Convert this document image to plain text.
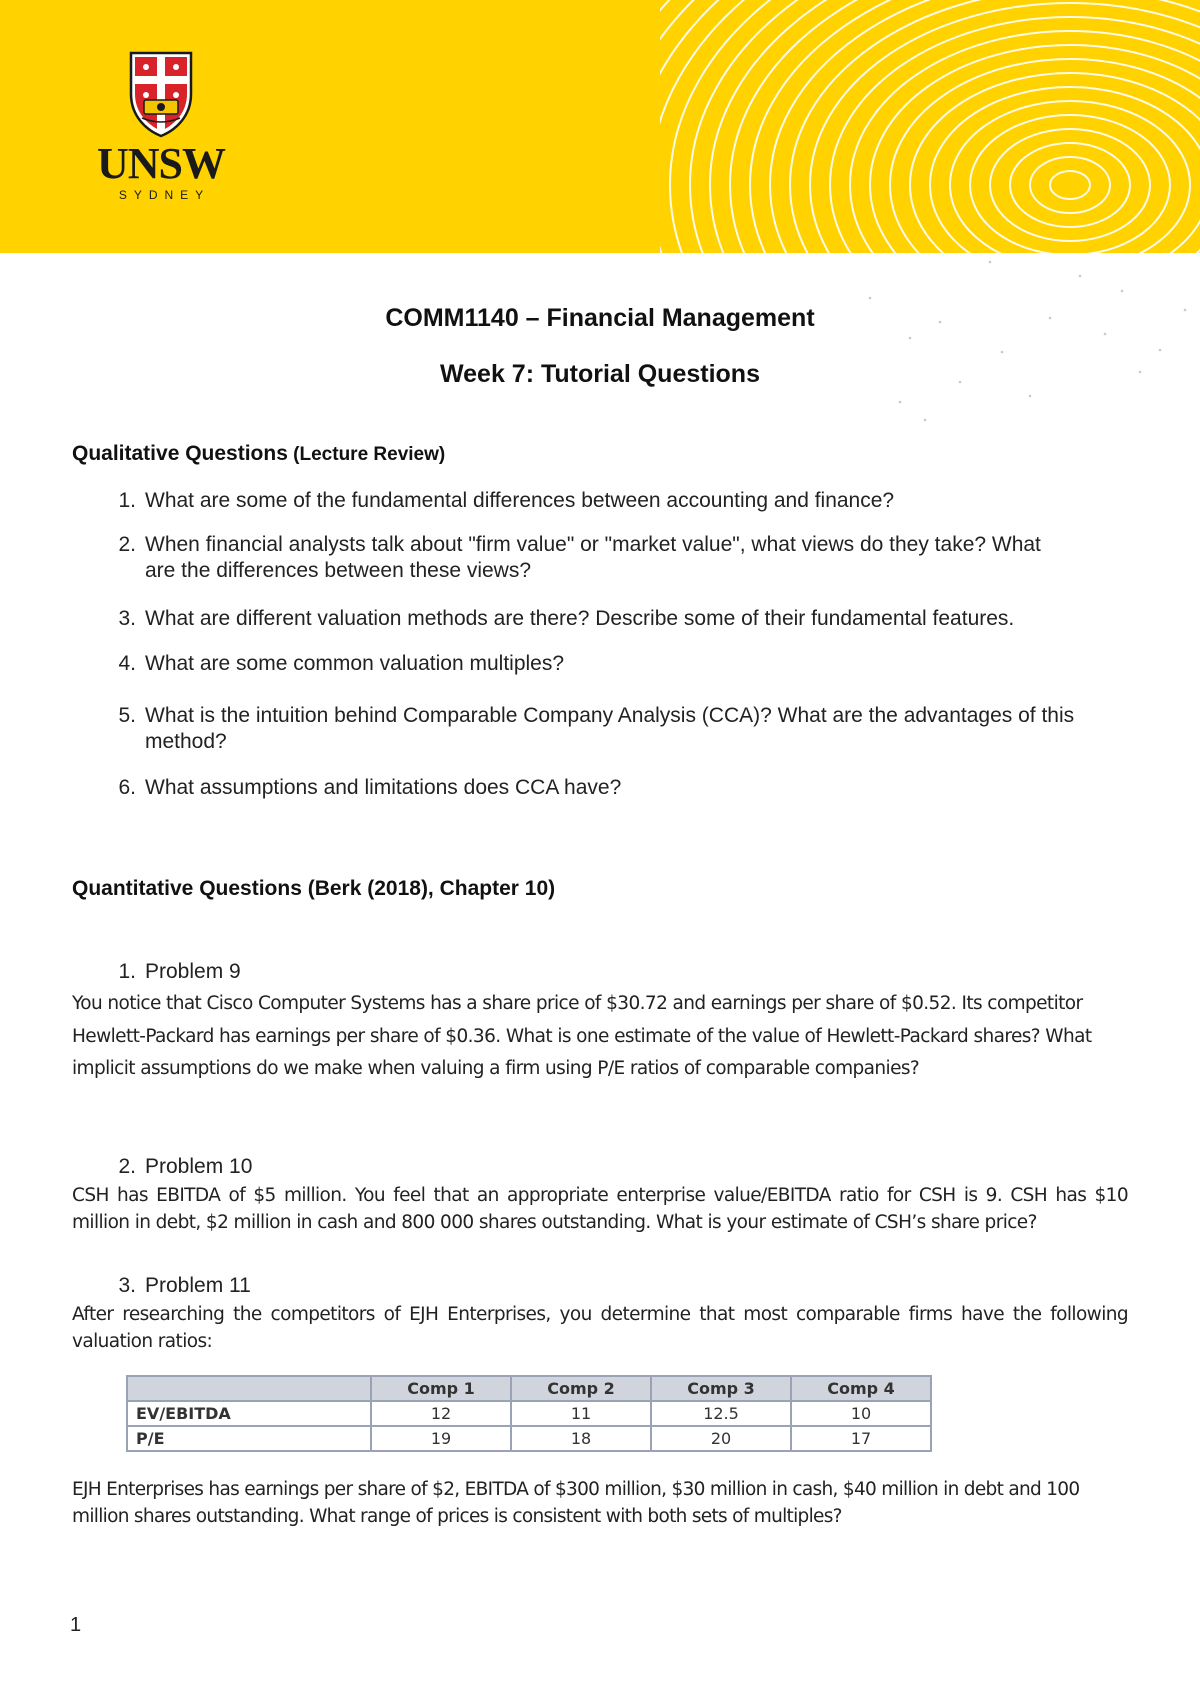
UNSW
SYDNEY
COMM1140 – Financial Management
Week 7: Tutorial Questions
Qualitative Questions (Lecture Review)
1. What are some of the fundamental differences between accounting and finance?
2. When financial analysts talk about "firm value" or "market value", what views do they take? What are the differences between these views?
3. What are different valuation methods are there? Describe some of their fundamental features.
4. What are some common valuation multiples?
5. What is the intuition behind Comparable Company Analysis (CCA)? What are the advantages of this method?
6. What assumptions and limitations does CCA have?
Quantitative Questions (Berk (2018), Chapter 10)
1. Problem 9
You notice that Cisco Computer Systems has a share price of $30.72 and earnings per share of $0.52. Its competitor Hewlett-Packard has earnings per share of $0.36. What is one estimate of the value of Hewlett-Packard shares? What implicit assumptions do we make when valuing a firm using P/E ratios of comparable companies?
2. Problem 10
CSH has EBITDA of $5 million. You feel that an appropriate enterprise value/EBITDA ratio for CSH is 9. CSH has $10 million in debt, $2 million in cash and 800 000 shares outstanding. What is your estimate of CSH’s share price?
3. Problem 11
After researching the competitors of EJH Enterprises, you determine that most comparable firms have the following valuation ratios:
	Comp 1	Comp 2	Comp 3	Comp 4
EV/EBITDA	12	11	12.5	10
P/E	19	18	20	17
EJH Enterprises has earnings per share of $2, EBITDA of $300 million, $30 million in cash, $40 million in debt and 100 million shares outstanding. What range of prices is consistent with both sets of multiples?
1
